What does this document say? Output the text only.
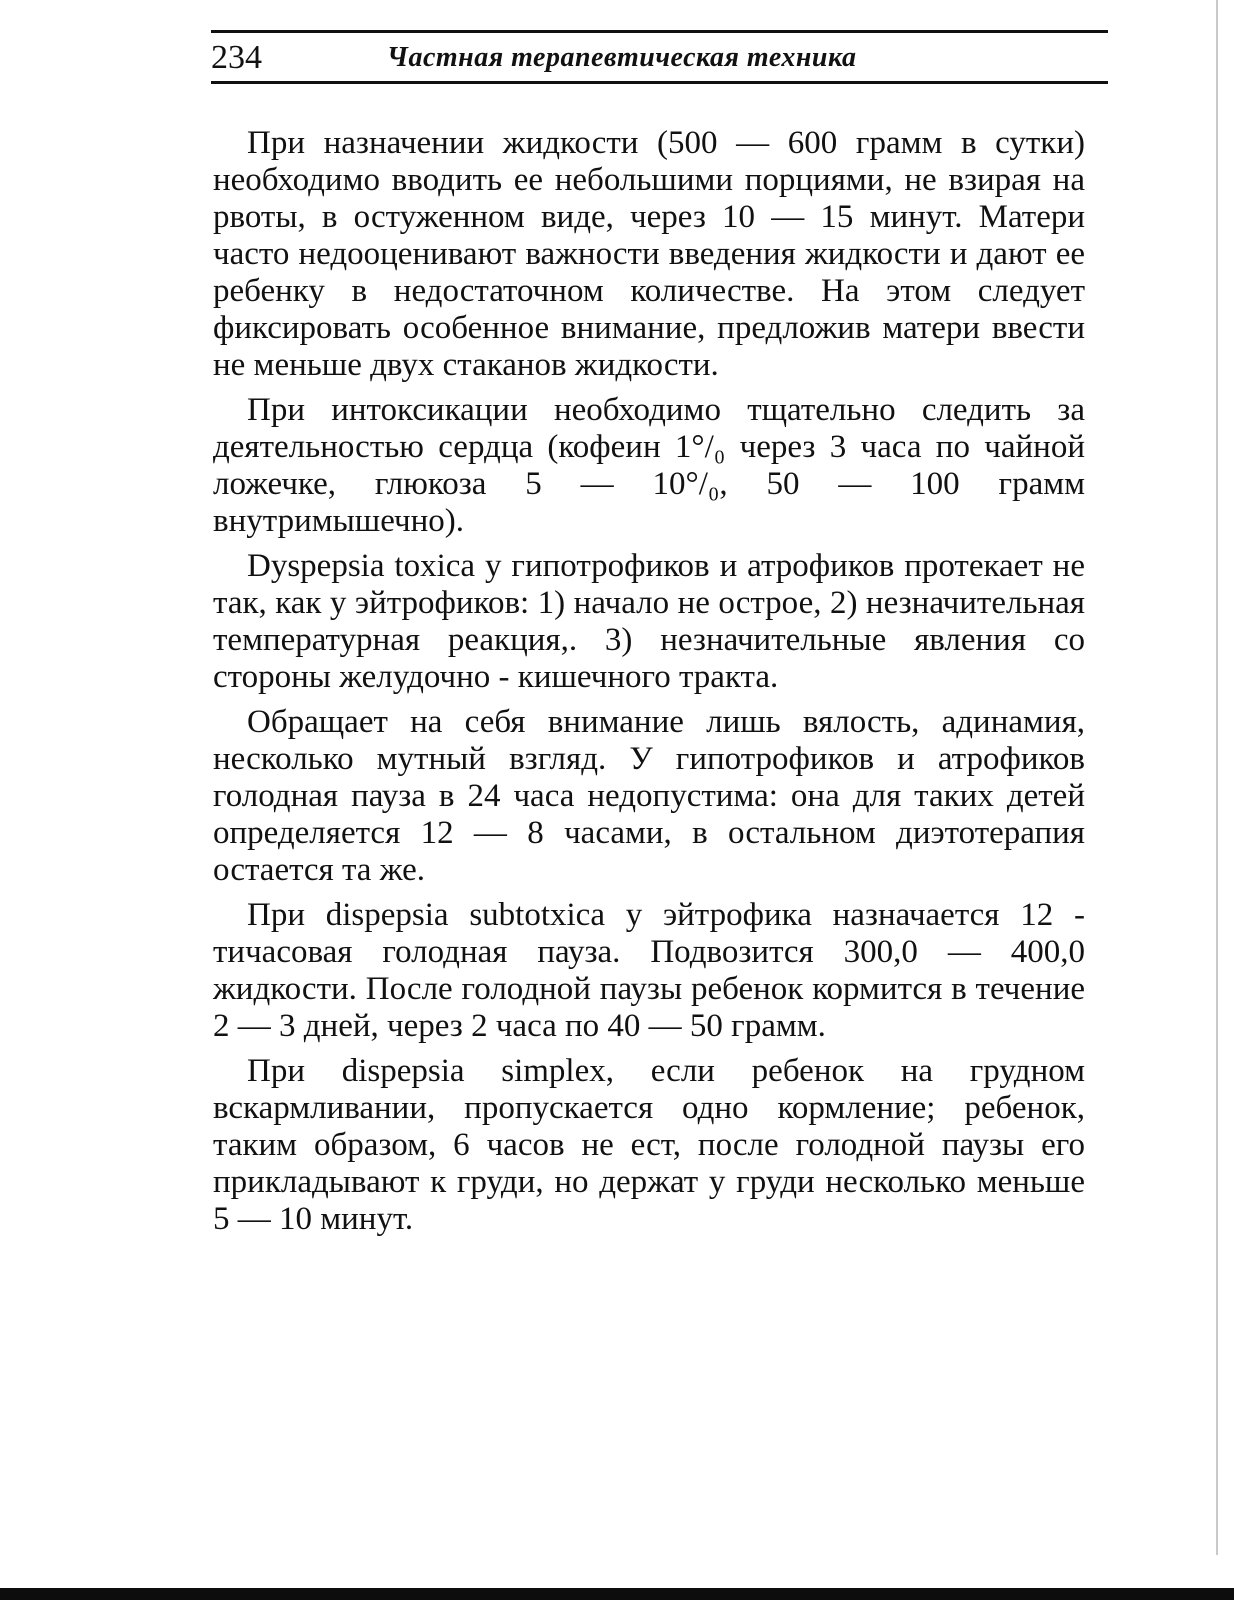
234	Частная терапевтическая техника

При назначении жидкости (500 — 600 грамм в сутки) необходимо вводить ее небольшими порциями, не взирая на рвоты, в остуженном виде, через 10 — 15 минут. Матери часто недооценивают важности введения жидкости и дают ее ребенку в недостаточном количестве. На этом следует фиксировать особенное внимание, предложив матери ввести не меньше двух стаканов жидкости.

При интоксикации необходимо тщательно следить за деятельностью сердца (кофеин 1°/₀ через 3 часа по чайной ложечке, глюкоза 5 — 10°/₀, 50 — 100 грамм внутримышечно).

Dyspepsia toxica у гипотрофиков и атрофиков протекает не так, как у эйтрофиков: 1) начало не острое, 2) незначительная температурная реакция,. 3) незначительные явления со стороны желудочно - кишечного тракта.

Обращает на себя внимание лишь вялость, адинамия, несколько мутный взгляд. У гипотрофиков и атрофиков голодная пауза в 24 часа недопустима: она для таких детей определяется 12 — 8 часами, в остальном диэтотерапия остается та же.

При dispepsia subtotxica у эйтрофика назначается 12 - тичасовая голодная пауза. Подвозится 300,0 — 400,0 жидкости. После голодной паузы ребенок кормится в течение 2 — 3 дней, через 2 часа по 40 — 50 грамм.

При dispepsia simplex, если ребенок на грудном вскармливании, пропускается одно кормление; ребенок, таким образом, 6 часов не ест, после голодной паузы его прикладывают к груди, но держат у груди несколько меньше 5 — 10 минут.
